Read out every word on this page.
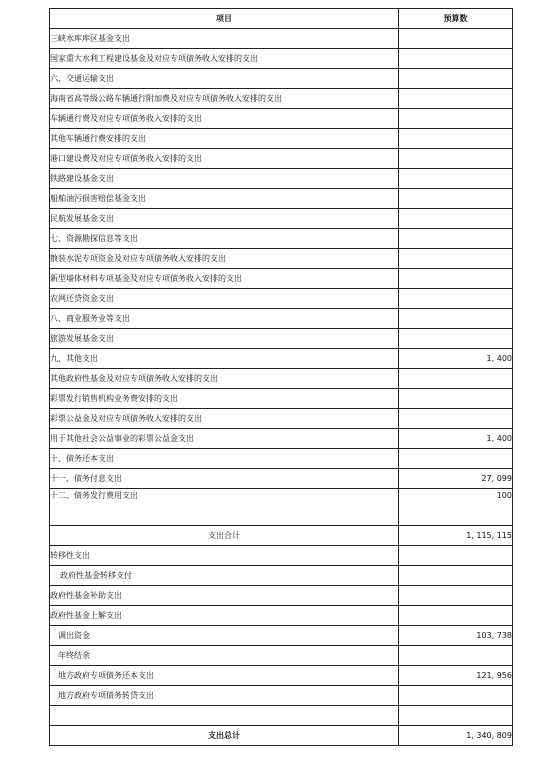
项目	预算数
三峡水库库区基金支出	
国家重大水利工程建设基金及对应专项债务收入安排的支出	
六、交通运输支出	
海南省高等级公路车辆通行附加费及对应专项债务收入安排的支出	
车辆通行费及对应专项债务收入安排的支出	
其他车辆通行费安排的支出	
港口建设费及对应专项债务收入安排的支出	
铁路建设基金支出	
船舶油污损害赔偿基金支出	
民航发展基金支出	
七、资源勘探信息等支出	
散装水泥专项资金及对应专项债务收入安排的支出	
新型墙体材料专项基金及对应专项债务收入安排的支出	
农网还贷资金支出	
八、商业服务业等支出	
旅游发展基金支出	
九、其他支出	1, 400
其他政府性基金及对应专项债务收入安排的支出	
彩票发行销售机构业务费安排的支出	
彩票公益金及对应专项债务收入安排的支出	
用于其他社会公益事业的彩票公益金支出	1, 400
十、债务还本支出	
十一、债务付息支出	27, 099
十二、债务发行费用支出	100
支出合计	1, 115, 115
转移性支出	
政府性基金转移支付	
政府性基金补助支出	
政府性基金上解支出	
调出资金	103, 738
年终结余	
地方政府专项债务还本支出	121, 956
地方政府专项债务转贷支出	

支出总计	1, 340, 809
